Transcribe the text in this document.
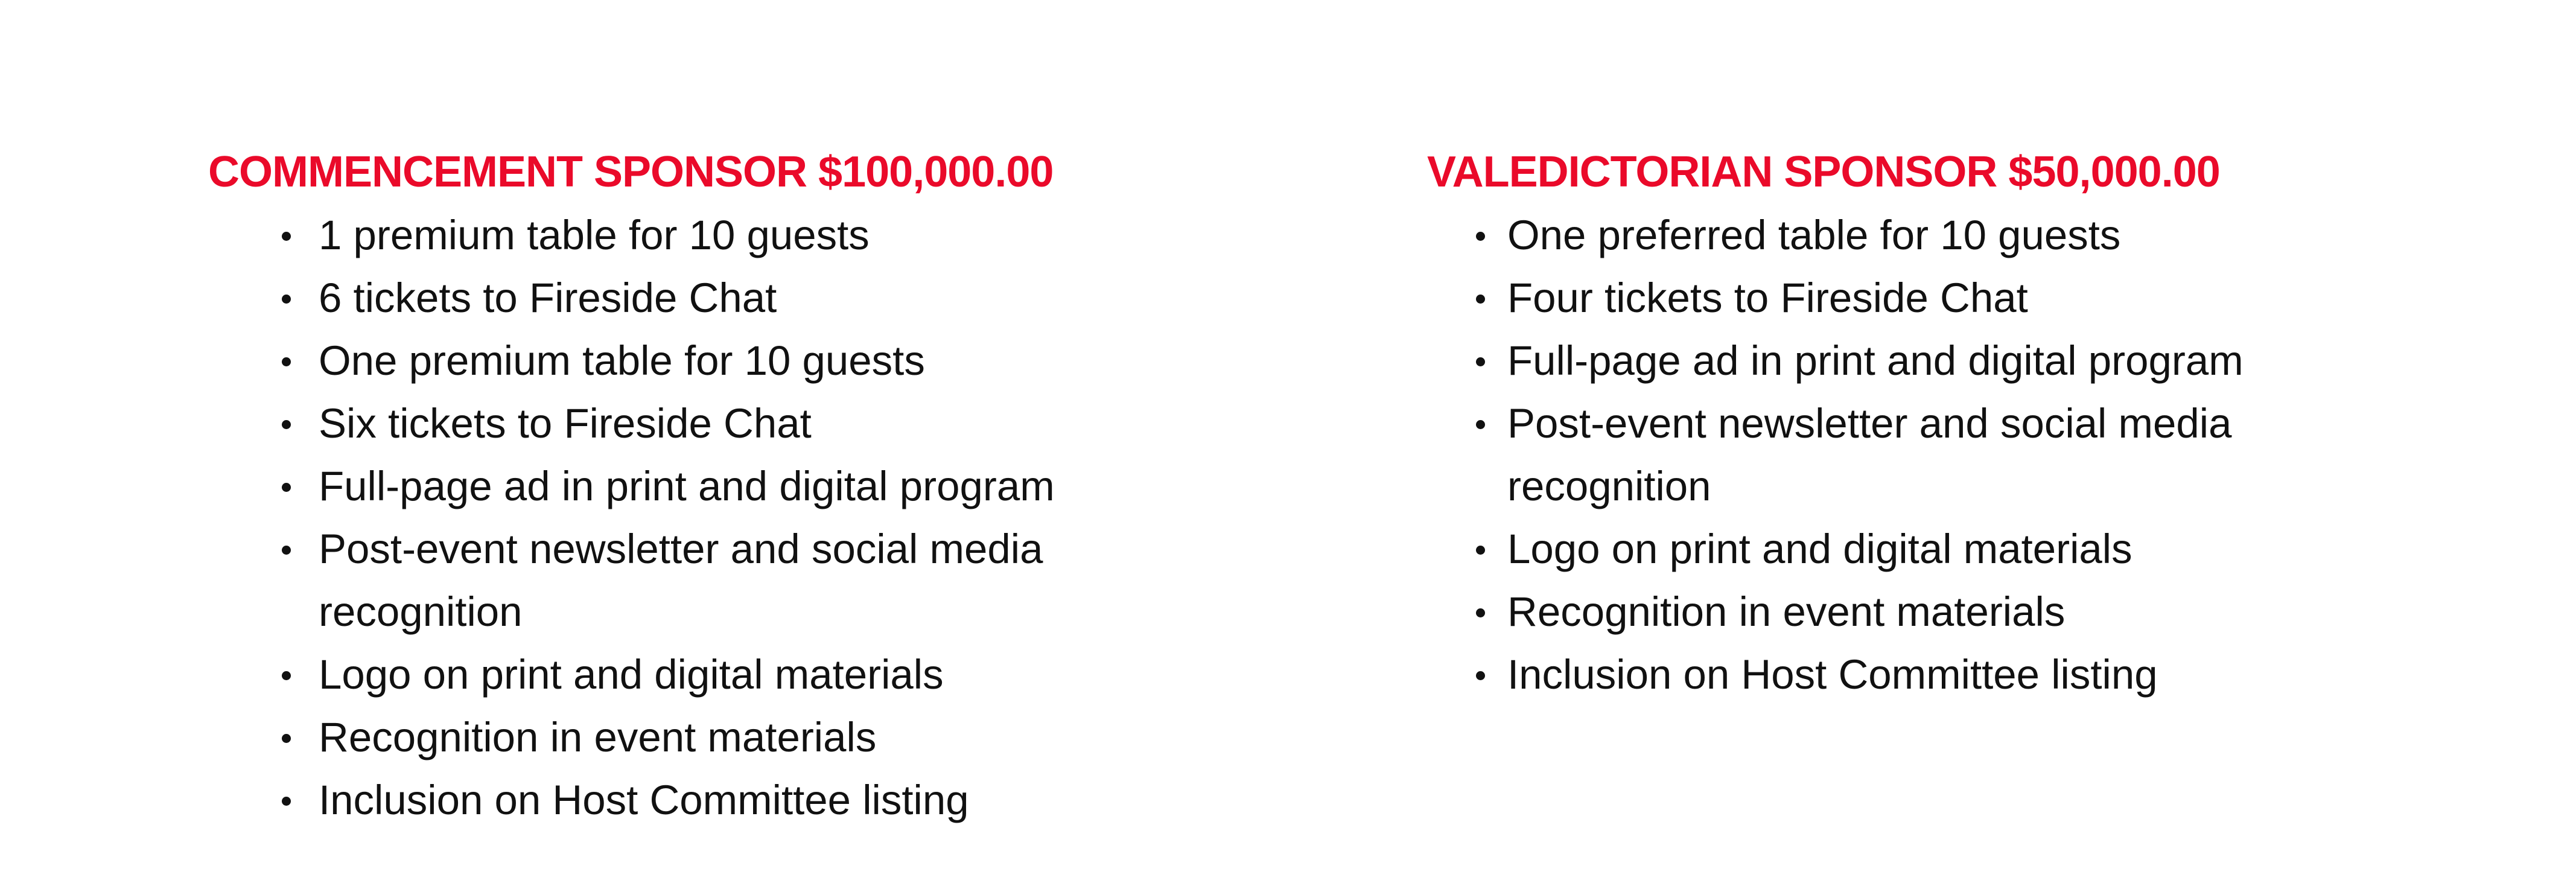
COMMENCEMENT SPONSOR $100,000.00
1 premium table for 10 guests
6 tickets to Fireside Chat
One premium table for 10 guests
Six tickets to Fireside Chat
Full-page ad in print and digital program
Post-event newsletter and social media recognition
Logo on print and digital materials
Recognition in event materials
Inclusion on Host Committee listing
VALEDICTORIAN SPONSOR $50,000.00
One preferred table for 10 guests
Four tickets to Fireside Chat
Full-page ad in print and digital program
Post-event newsletter and social media recognition
Logo on print and digital materials
Recognition in event materials
Inclusion on Host Committee listing
